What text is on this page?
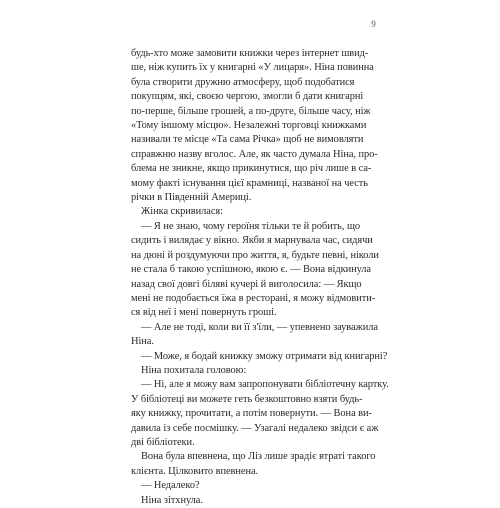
9
будь-хто може замовити книжки через інтернет швид-
ше, ніж купить їх у книгарні «У лицаря». Ніна повинна
була створити дружню атмосферу, щоб подобатися
покупцям, які, своєю чергою, змогли б дати книгарні
по-перше, більше грошей, а по-друге, більше часу, ніж
«Тому іншому місцю». Незалежні торговці книжками
називали те місце «Та сама Річка» щоб не вимовляти
справжню назву вголос. Але, як часто думала Ніна, про-
блема не зникне, якщо прикинутися, що річ лише в са-
мому факті існування цієї крамниці, названої на честь
річки в Південній Америці.
Жінка скривилася:
— Я не знаю, чому героїня тільки те й робить, що
сидить і вилядає у вікно. Якби я марнувала час, сидячи
на дюні й роздумуючи про життя, я, будьте певні, ніколи
не стала б такою успішною, якою є. — Вона відкинула
назад свої довгі біляві кучері й виголосила: — Якщо
мені не подобається їжа в ресторані, я можу відмовити-
ся від неї і мені повернуть гроші.
— Але не тоді, коли ви її з'їли, — упевнено зауважила
Ніна.
— Може, я бодай книжку зможу отримати від книгарні?
Ніна похитала головою:
— Ні, але я можу вам запропонувати бібліотечну картку.
У бібліотеці ви можете геть безкоштовно взяти будь-
яку книжку, прочитати, а потім повернути. — Вона ви-
давила із себе посмішку. — Узагалі недалеко звідси є аж
дві бібліотеки.
Вона була впевнена, що Ліз лише зрадіє втраті такого
клієнта. Цілковито впевнена.
— Недалеко?
Ніна зітхнула.
